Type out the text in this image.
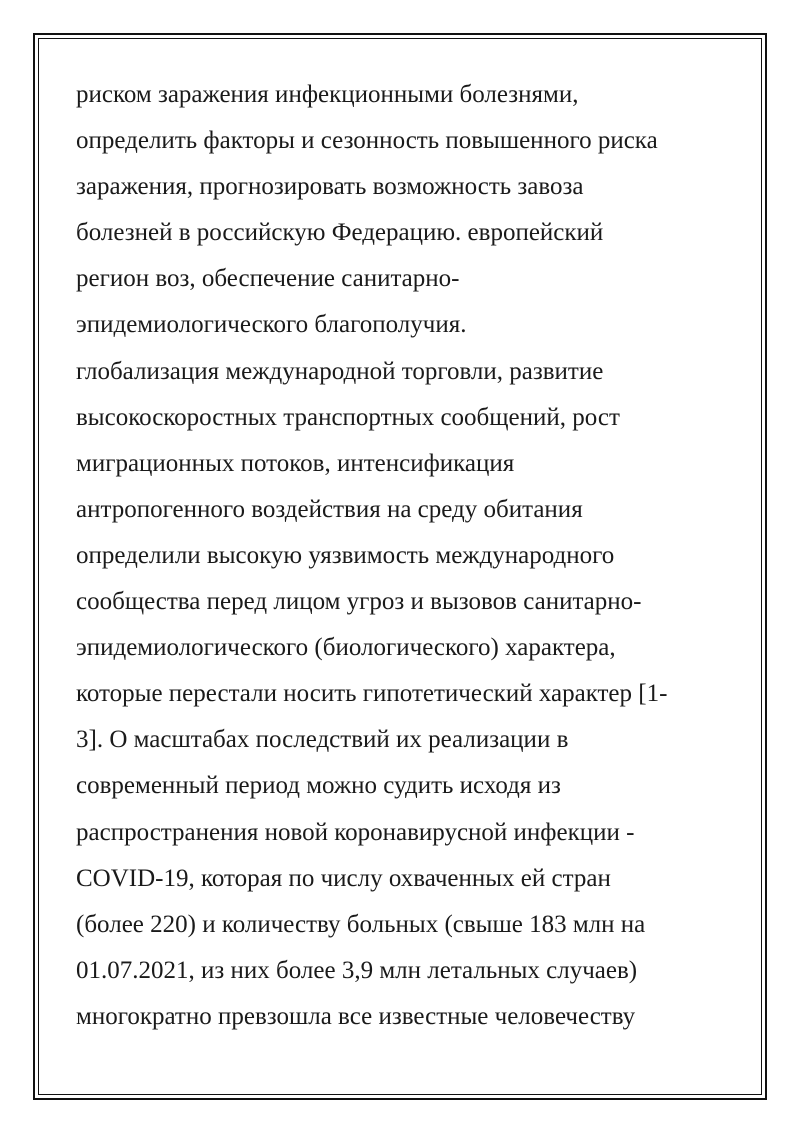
риском заражения инфекционными болезнями,
определить факторы и сезонность повышенного риска
заражения, прогнозировать возможность завоза
болезней в российскую Федерацию. европейский
регион воз, обеспечение санитарно-
эпидемиологического благополучия.
глобализация международной торговли, развитие
высокоскоростных транспортных сообщений, рост
миграционных потоков, интенсификация
антропогенного воздействия на среду обитания
определили высокую уязвимость международного
сообщества перед лицом угроз и вызовов санитарно-
эпидемиологического (биологического) характера,
которые перестали носить гипотетический характер [1-
3]. О масштабах последствий их реализации в
современный период можно судить исходя из
распространения новой коронавирусной инфекции -
COVID-19, которая по числу охваченных ей стран
(более 220) и количеству больных (свыше 183 млн на
01.07.2021, из них более 3,9 млн летальных случаев)
многократно превзошла все известные человечеству
